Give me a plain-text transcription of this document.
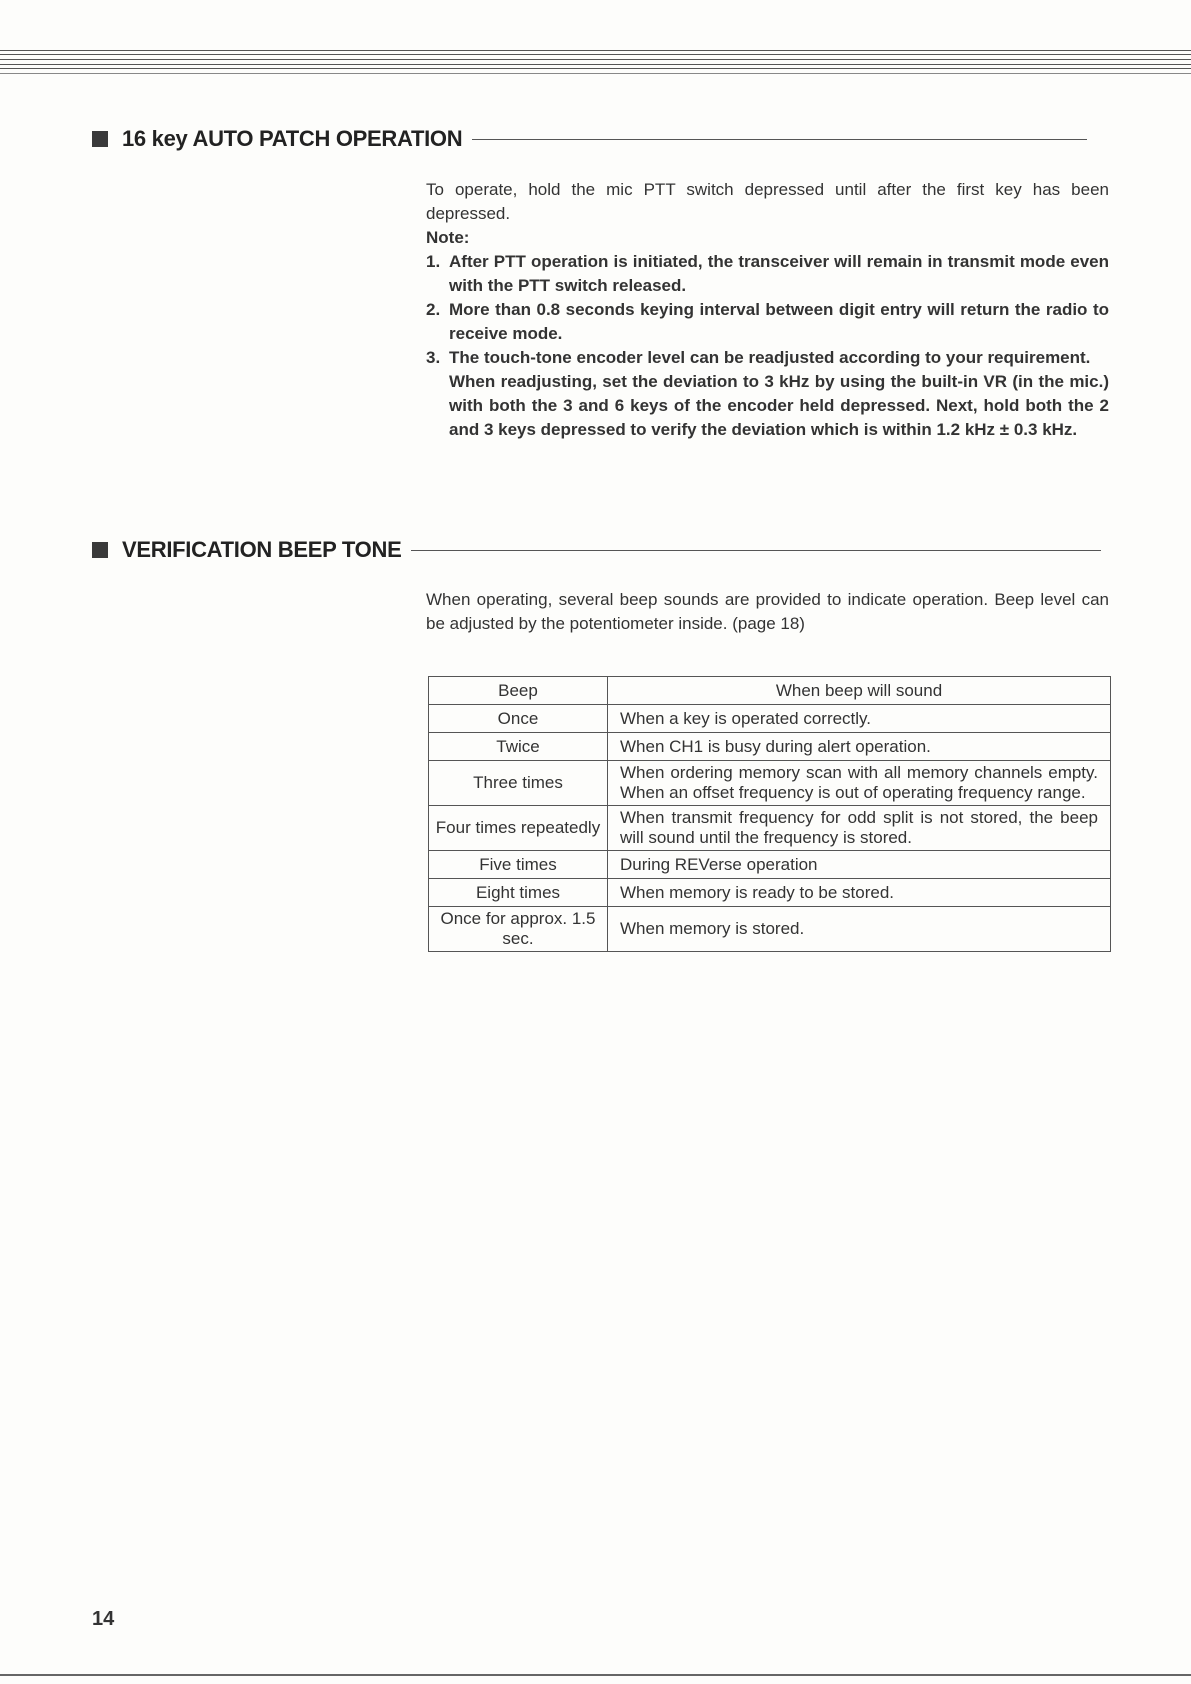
16 key AUTO PATCH OPERATION

To operate, hold the mic PTT switch depressed until after the first key has been depressed.

Note:
1. After PTT operation is initiated, the transceiver will remain in transmit mode even with the PTT switch released.

2. More than 0.8 seconds keying interval between digit entry will return the radio to receive mode.

3. The touch-tone encoder level can be readjusted according to your requirement.

When readjusting, set the deviation to 3 kHz by using the built-in VR (in the mic.) with both the 3 and 6 keys of the encoder held depressed. Next, hold both the 2 and 3 keys depressed to verify the deviation which is within 1.2 kHz ± 0.3 kHz.

VERIFICATION BEEP TONE

When operating, several beep sounds are provided to indicate operation. Beep level can be adjusted by the potentiometer inside. (page 18)

Beep	When beep will sound
Once	When a key is operated correctly.
Twice	When CH1 is busy during alert operation.
Three times	When ordering memory scan with all memory channels empty. When an offset frequency is out of operating frequency range.
Four times repeatedly	When transmit frequency for odd split is not stored, the beep will sound until the frequency is stored.
Five times	During REVerse operation
Eight times	When memory is ready to be stored.
Once for approx. 1.5 sec.	When memory is stored.
14
